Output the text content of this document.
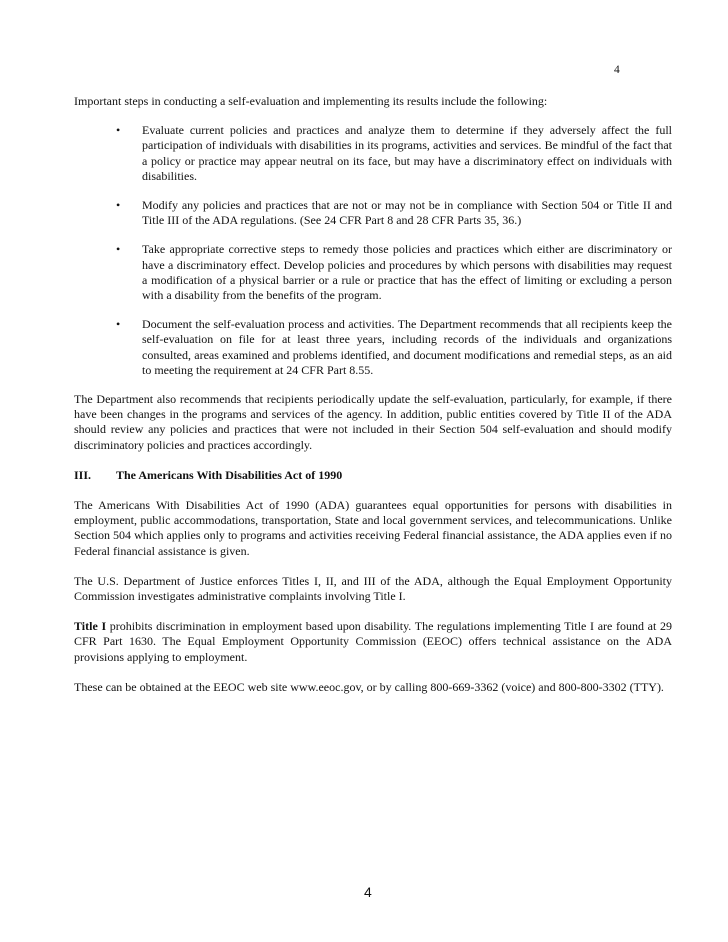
4

Important steps in conducting a self-evaluation and implementing its results include the following:

• Evaluate current policies and practices and analyze them to determine if they adversely affect the full participation of individuals with disabilities in its programs, activities and services. Be mindful of the fact that a policy or practice may appear neutral on its face, but may have a discriminatory effect on individuals with disabilities.
• Modify any policies and practices that are not or may not be in compliance with Section 504 or Title II and Title III of the ADA regulations. (See 24 CFR Part 8 and 28 CFR Parts 35, 36.)
• Take appropriate corrective steps to remedy those policies and practices which either are discriminatory or have a discriminatory effect. Develop policies and procedures by which persons with disabilities may request a modification of a physical barrier or a rule or practice that has the effect of limiting or excluding a person with a disability from the benefits of the program.
• Document the self-evaluation process and activities. The Department recommends that all recipients keep the self-evaluation on file for at least three years, including records of the individuals and organizations consulted, areas examined and problems identified, and document modifications and remedial steps, as an aid to meeting the requirement at 24 CFR Part 8.55.

The Department also recommends that recipients periodically update the self-evaluation, particularly, for example, if there have been changes in the programs and services of the agency. In addition, public entities covered by Title II of the ADA should review any policies and practices that were not included in their Section 504 self-evaluation and should modify discriminatory policies and practices accordingly.

III. The Americans With Disabilities Act of 1990

The Americans With Disabilities Act of 1990 (ADA) guarantees equal opportunities for persons with disabilities in employment, public accommodations, transportation, State and local government services, and telecommunications. Unlike Section 504 which applies only to programs and activities receiving Federal financial assistance, the ADA applies even if no Federal financial assistance is given.

The U.S. Department of Justice enforces Titles I, II, and III of the ADA, although the Equal Employment Opportunity Commission investigates administrative complaints involving Title I.

Title I prohibits discrimination in employment based upon disability. The regulations implementing Title I are found at 29 CFR Part 1630. The Equal Employment Opportunity Commission (EEOC) offers technical assistance on the ADA provisions applying to employment.

These can be obtained at the EEOC web site www.eeoc.gov, or by calling 800-669-3362 (voice) and 800-800-3302 (TTY).

4
